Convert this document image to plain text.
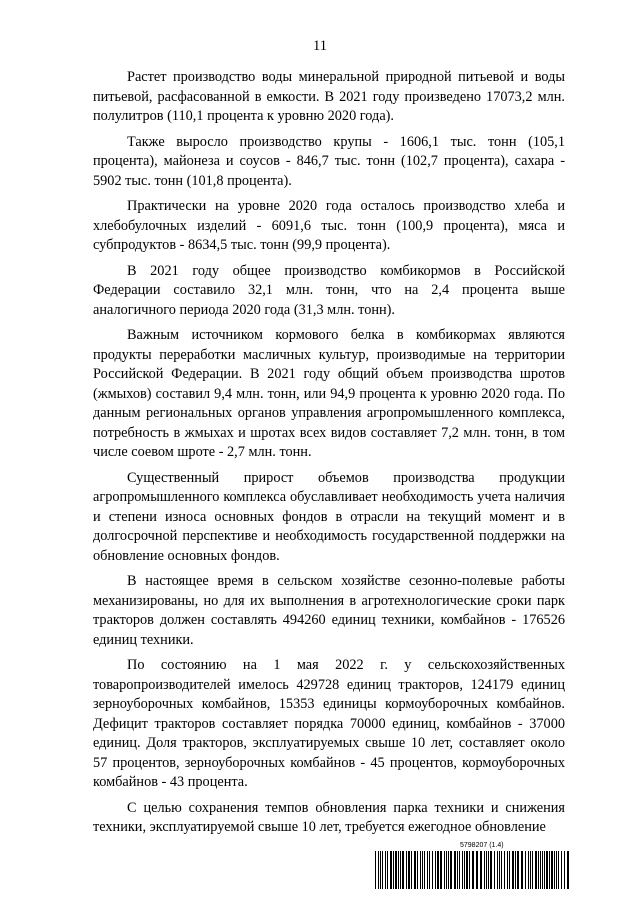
11

Растет производство воды минеральной природной питьевой и воды питьевой, расфасованной в емкости. В 2021 году произведено 17073,2 млн. полулитров (110,1 процента к уровню 2020 года).

Также выросло производство крупы - 1606,1 тыс. тонн (105,1 процента), майонеза и соусов - 846,7 тыс. тонн (102,7 процента), сахара - 5902 тыс. тонн (101,8 процента).

Практически на уровне 2020 года осталось производство хлеба и хлебобулочных изделий - 6091,6 тыс. тонн (100,9 процента), мяса и субпродуктов - 8634,5 тыс. тонн (99,9 процента).

В 2021 году общее производство комбикормов в Российской Федерации составило 32,1 млн. тонн, что на 2,4 процента выше аналогичного периода 2020 года (31,3 млн. тонн).

Важным источником кормового белка в комбикормах являются продукты переработки масличных культур, производимые на территории Российской Федерации. В 2021 году общий объем производства шротов (жмыхов) составил 9,4 млн. тонн, или 94,9 процента к уровню 2020 года. По данным региональных органов управления агропромышленного комплекса, потребность в жмыхах и шротах всех видов составляет 7,2 млн. тонн, в том числе соевом шроте - 2,7 млн. тонн.

Существенный прирост объемов производства продукции агропромышленного комплекса обуславливает необходимость учета наличия и степени износа основных фондов в отрасли на текущий момент и в долгосрочной перспективе и необходимость государственной поддержки на обновление основных фондов.

В настоящее время в сельском хозяйстве сезонно-полевые работы механизированы, но для их выполнения в агротехнологические сроки парк тракторов должен составлять 494260 единиц техники, комбайнов - 176526 единиц техники.

По состоянию на 1 мая 2022 г. у сельскохозяйственных товаропроизводителей имелось 429728 единиц тракторов, 124179 единиц зерноуборочных комбайнов, 15353 единицы кормоуборочных комбайнов. Дефицит тракторов составляет порядка 70000 единиц, комбайнов - 37000 единиц. Доля тракторов, эксплуатируемых свыше 10 лет, составляет около 57 процентов, зерноуборочных комбайнов - 45 процентов, кормоуборочных комбайнов - 43 процента.

С целью сохранения темпов обновления парка техники и снижения техники, эксплуатируемой свыше 10 лет, требуется ежегодное обновление

5798207 (1.4)
